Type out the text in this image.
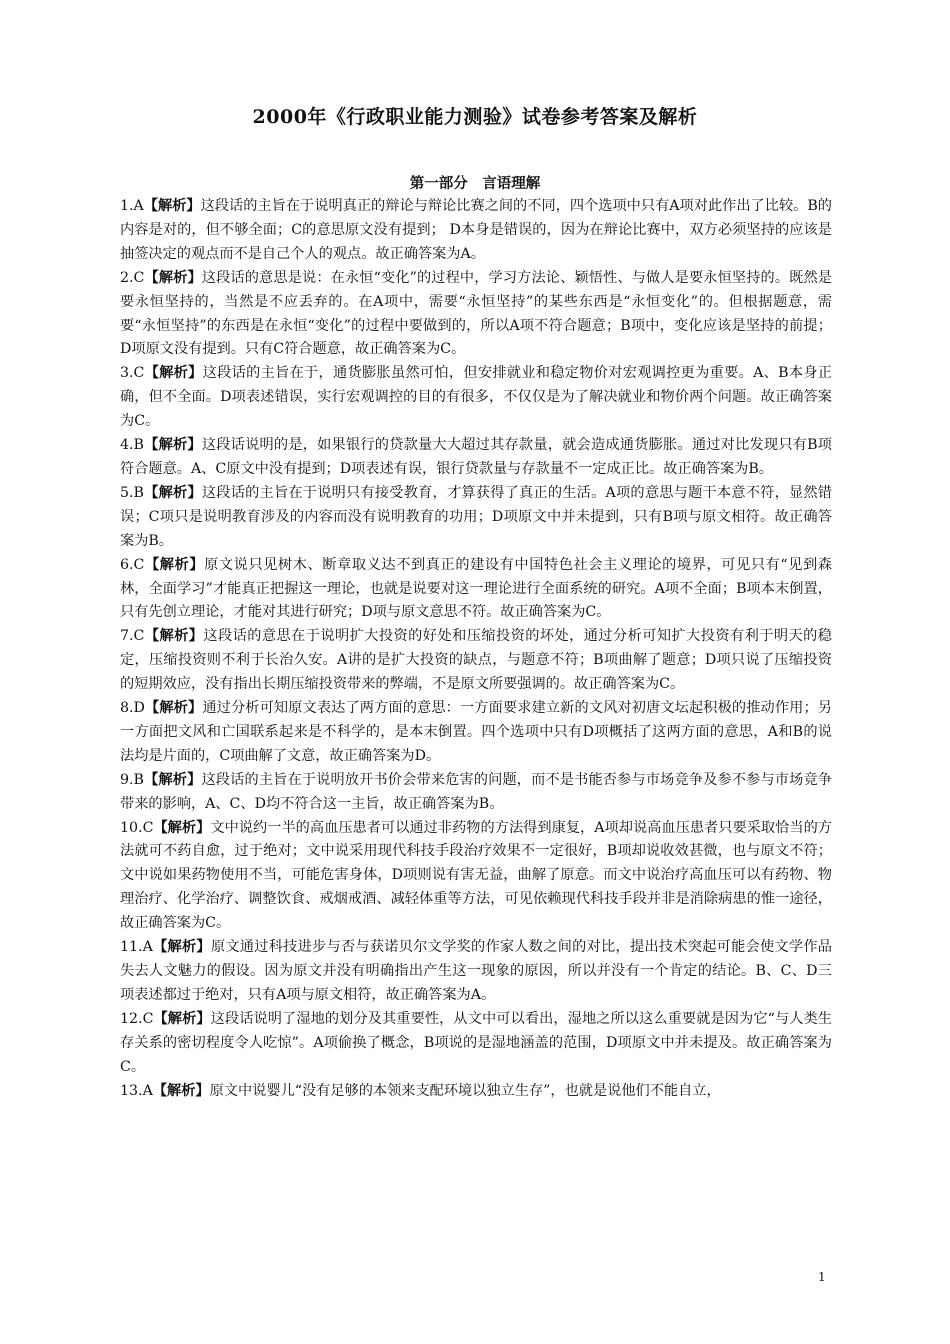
2000年《行政职业能力测验》试卷参考答案及解析
第一部分　言语理解

1.A【解析】这段话的主旨在于说明真正的辩论与辩论比赛之间的不同，四个选项中只有A项对此作出了比较。B的内容是对的，但不够全面；C的意思原文没有提到； D本身是错误的，因为在辩论比赛中，双方必须坚持的应该是抽签决定的观点而不是自己个人的观点。故正确答案为A。

2.C【解析】这段话的意思是说：在永恒“变化”的过程中，学习方法论、颖悟性、与做人是要永恒坚持的。既然是要永恒坚持的，当然是不应丢弃的。在A项中，需要“永恒坚持”的某些东西是“永恒变化”的。但根据题意，需要“永恒坚持”的东西是在永恒“变化”的过程中要做到的，所以A项不符合题意；B项中，变化应该是坚持的前提；D项原文没有提到。只有C符合题意，故正确答案为C。

3.C【解析】这段话的主旨在于，通货膨胀虽然可怕，但安排就业和稳定物价对宏观调控更为重要。A、B本身正确，但不全面。D项表述错误，实行宏观调控的目的有很多，不仅仅是为了解决就业和物价两个问题。故正确答案为C。

4.B【解析】这段话说明的是，如果银行的贷款量大大超过其存款量，就会造成通货膨胀。通过对比发现只有B项符合题意。A、C原文中没有提到；D项表述有误，银行贷款量与存款量不一定成正比。故正确答案为B。

5.B【解析】这段话的主旨在于说明只有接受教育，才算获得了真正的生活。A项的意思与题干本意不符，显然错误；C项只是说明教育涉及的内容而没有说明教育的功用；D项原文中并未提到，只有B项与原文相符。故正确答案为B。

6.C【解析】原文说只见树木、断章取义达不到真正的建设有中国特色社会主义理论的境界，可见只有“见到森林，全面学习”才能真正把握这一理论，也就是说要对这一理论进行全面系统的研究。A项不全面；B项本末倒置，只有先创立理论，才能对其进行研究；D项与原文意思不符。故正确答案为C。

7.C【解析】这段话的意思在于说明扩大投资的好处和压缩投资的坏处，通过分析可知扩大投资有利于明天的稳定，压缩投资则不利于长治久安。A讲的是扩大投资的缺点，与题意不符；B项曲解了题意；D项只说了压缩投资的短期效应，没有指出长期压缩投资带来的弊端，不是原文所要强调的。故正确答案为C。

8.D【解析】通过分析可知原文表达了两方面的意思：一方面要求建立新的文风对初唐文坛起积极的推动作用；另一方面把文风和亡国联系起来是不科学的，是本末倒置。四个选项中只有D项概括了这两方面的意思，A和B的说法均是片面的，C项曲解了文意，故正确答案为D。

9.B【解析】这段话的主旨在于说明放开书价会带来危害的问题，而不是书能否参与市场竞争及参不参与市场竞争带来的影响，A、C、D均不符合这一主旨，故正确答案为B。

10.C【解析】文中说约一半的高血压患者可以通过非药物的方法得到康复，A项却说高血压患者只要采取恰当的方法就可不药自愈，过于绝对；文中说采用现代科技手段治疗效果不一定很好，B项却说收效甚微，也与原文不符；文中说如果药物使用不当，可能危害身体，D项则说有害无益，曲解了原意。而文中说治疗高血压可以有药物、物理治疗、化学治疗、调整饮食、戒烟戒酒、减轻体重等方法，可见依赖现代科技手段并非是消除病患的惟一途径，故正确答案为C。

11.A【解析】原文通过科技进步与否与获诺贝尔文学奖的作家人数之间的对比，提出技术突起可能会使文学作品失去人文魅力的假设。因为原文并没有明确指出产生这一现象的原因，所以并没有一个肯定的结论。B、C、D三项表述都过于绝对，只有A项与原文相符，故正确答案为A。

12.C【解析】这段话说明了湿地的划分及其重要性，从文中可以看出，湿地之所以这么重要就是因为它“与人类生存关系的密切程度令人吃惊”。A项偷换了概念，B项说的是湿地涵盖的范围，D项原文中并未提及。故正确答案为C。

13.A【解析】原文中说婴儿“没有足够的本领来支配环境以独立生存”，也就是说他们不能自立，

1
